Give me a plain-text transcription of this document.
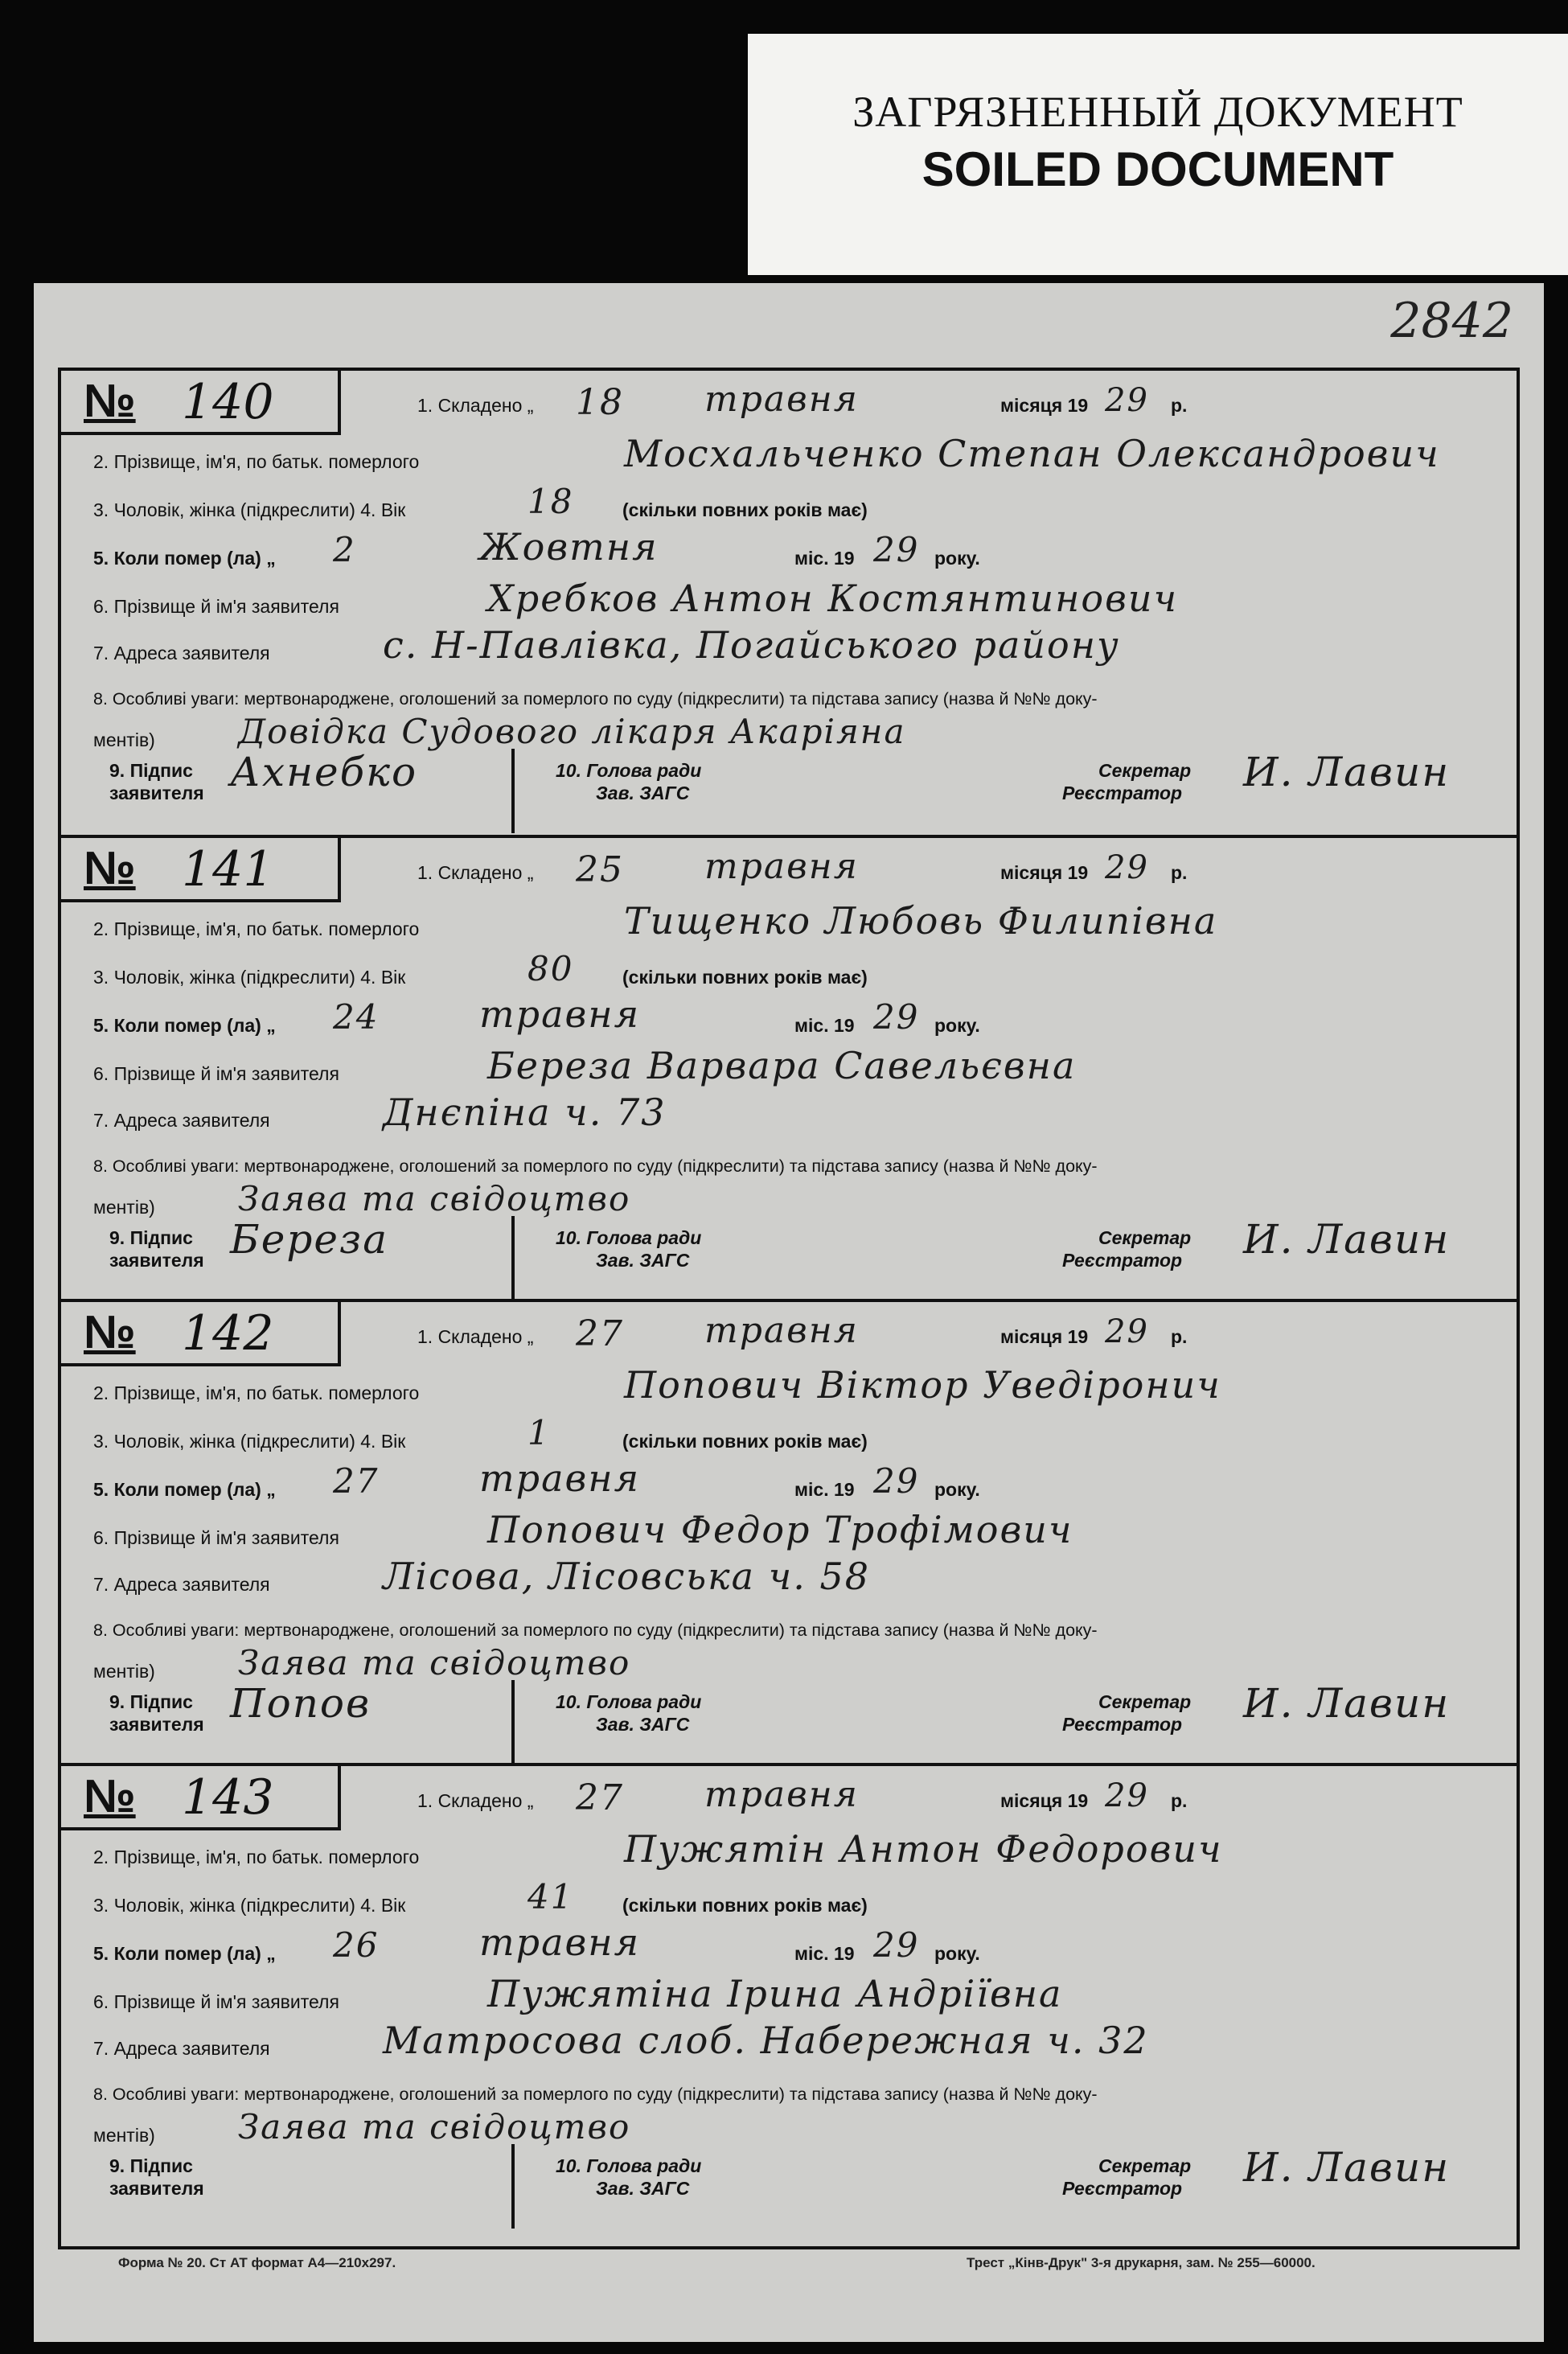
ЗАГРЯЗНЕННЫЙ ДОКУМЕНТ
SOILED DOCUMENT
2842
№ 140	1. Складено „ 18 травня	місяця 19 29 р.
2. Прізвище, ім'я, по батьк. померлого	Мосхальченко Степан Олександрович
3. Чоловік, жінка (підкреслити) 4. Вік	18	(скільки повних років має)
5. Коли помер (ла) „ 2	Жовтня	міс. 19 29 року.
6. Прізвище й ім'я заявителя	Хребков Антон Костянтинович
7. Адреса заявителя	с. Н-Павлівка, Погайського району
8. Особливі уваги: мертвонароджене, оголошений за померлого по суду (підкреслити) та підстава запису (назва й №№ доку-
ментів) Довідка Судового лікаря Акаріяна
9. Підпис
заявителя Ахнебко	10. Голова ради
Зав. ЗАГС
Секретар
Реєстратор И. Лавин
№ 141	1. Складено „ 25 травня	місяця 19 29 р.
2. Прізвище, ім'я, по батьк. померлого	Тищенко Любовь Филипівна
3. Чоловік, жінка (підкреслити) 4. Вік	80	(скільки повних років має)
5. Коли помер (ла) „ 24	травня	міс. 19 29 року.
6. Прізвище й ім'я заявителя	Береза Варвара Савельєвна
7. Адреса заявителя	Днєпіна ч. 73
8. Особливі уваги: мертвонароджене, оголошений за померлого по суду (підкреслити) та підстава запису (назва й №№ доку-
ментів) Заява та свідоцтво
9. Підпис
заявителя Береза	10. Голова ради
Зав. ЗАГС
Секретар
Реєстратор И. Лавин
№ 142	1. Складено „ 27 травня	місяця 19 29 р.
2. Прізвище, ім'я, по батьк. померлого	Попович Віктор Уведіронич
3. Чоловік, жінка (підкреслити) 4. Вік	1	(скільки повних років має)
5. Коли помер (ла) „ 27	травня	міс. 19 29 року.
6. Прізвище й ім'я заявителя	Попович Федор Трофімович
7. Адреса заявителя	Лісова, Лісовська ч. 58
8. Особливі уваги: мертвонароджене, оголошений за померлого по суду (підкреслити) та підстава запису (назва й №№ доку-
ментів) Заява та свідоцтво
9. Підпис
заявителя Попов	10. Голова ради
Зав. ЗАГС
Секретар
Реєстратор И. Лавин
№ 143	1. Складено „ 27 травня	місяця 19 29 р.
2. Прізвище, ім'я, по батьк. померлого	Пужятін Антон Федорович
3. Чоловік, жінка (підкреслити) 4. Вік	41	(скільки повних років має)
5. Коли помер (ла) „ 26	травня	міс. 19 29 року.
6. Прізвище й ім'я заявителя	Пужятіна Ірина Андріївна
7. Адреса заявителя	Матросова слоб. Набережная ч. 32
8. Особливі уваги: мертвонароджене, оголошений за померлого по суду (підкреслити) та підстава запису (назва й №№ доку-
ментів) Заява та свідоцтво
9. Підпис
заявителя
10. Голова ради
Зав. ЗАГС
Секретар
Реєстратор И. Лавин
Форма № 20. Ст АТ формат А4—210х297.	Трест „Кінв-Друк" 3-я друкарня, зам. № 255—60000.
